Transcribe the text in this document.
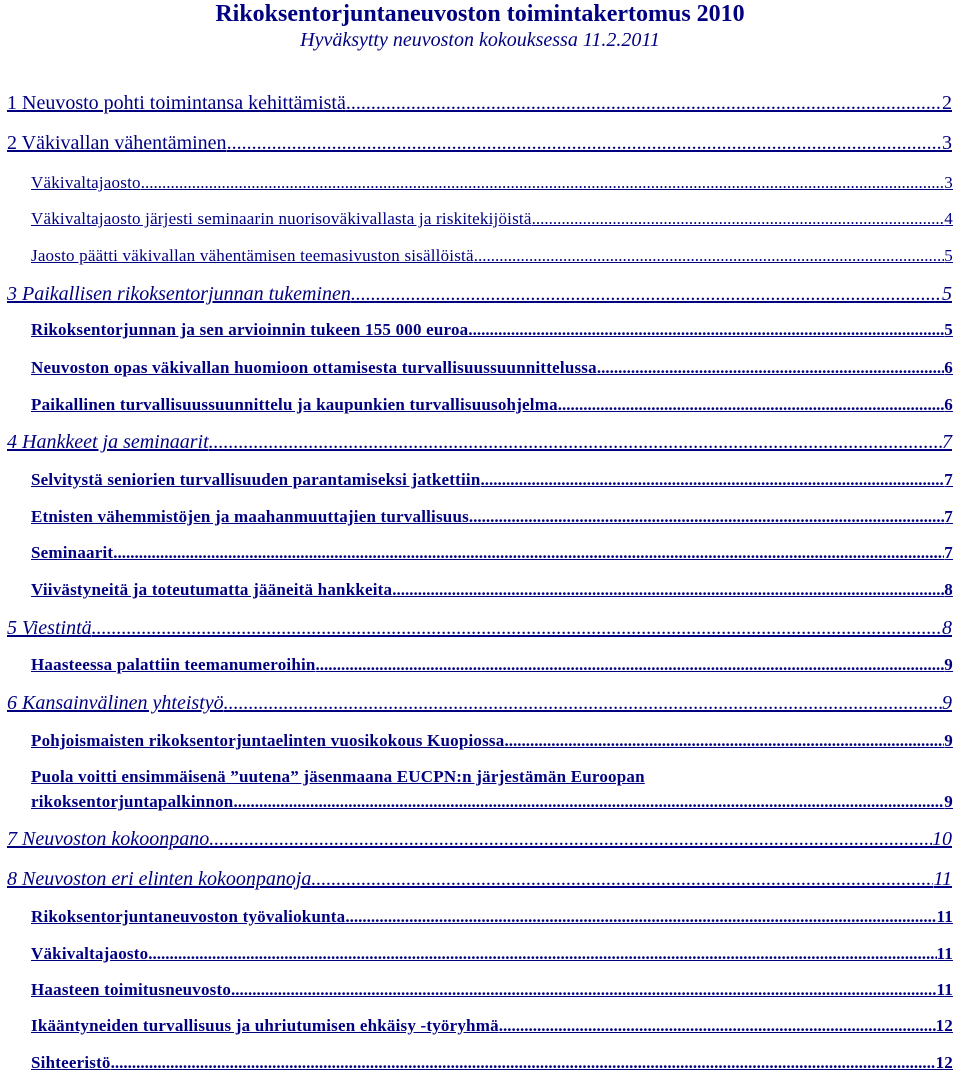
Rikoksentorjuntaneuvoston toimintakertomus 2010
Hyväksytty neuvoston kokouksessa 11.2.2011
1 Neuvosto pohti toimintansa kehittämistä .....	2
2 Väkivallan vähentäminen .....	3
Väkivaltajaosto .....	3
Väkivaltajaosto järjesti seminaarin nuorisoväkivallasta ja riskitekijöistä .....	4
Jaosto päätti väkivallan vähentämisen teemasivuston sisällöistä .....	5
3 Paikallisen rikoksentorjunnan tukeminen .....	5
Rikoksentorjunnan ja sen arvioinnin tukeen 155 000 euroa .....	5
Neuvoston opas väkivallan huomioon ottamisesta turvallisuussuunnittelussa .....	6
Paikallinen turvallisuussuunnittelu ja kaupunkien turvallisuusohjelma .....	6
4 Hankkeet ja seminaarit .....	7
Selvitystä seniorien turvallisuuden parantamiseksi jatkettiin .....	7
Etnisten vähemmistöjen ja maahanmuuttajien turvallisuus .....	7
Seminaarit .....	7
Viivästyneitä ja toteutumatta jääneitä hankkeita .....	8
5 Viestintä .....	8
Haasteessa palattiin teemanumeroihin .....	9
6 Kansainvälinen yhteistyö .....	9
Pohjoismaisten rikoksentorjuntaelinten vuosikokous Kuopiossa .....	9
Puola voitti ensimmäisenä ”uutena” jäsenmaana EUCPN:n järjestämän Euroopan
rikoksentorjuntapalkinnon .....	9
7 Neuvoston kokoonpano .....	10
8 Neuvoston eri elinten kokoonpanoja .....	11
Rikoksentorjuntaneuvoston työvaliokunta .....	11
Väkivaltajaosto .....	11
Haasteen toimitusneuvosto .....	11
Ikääntyneiden turvallisuus ja uhriutumisen ehkäisy -työryhmä .....	12
Sihteeristö .....	12
